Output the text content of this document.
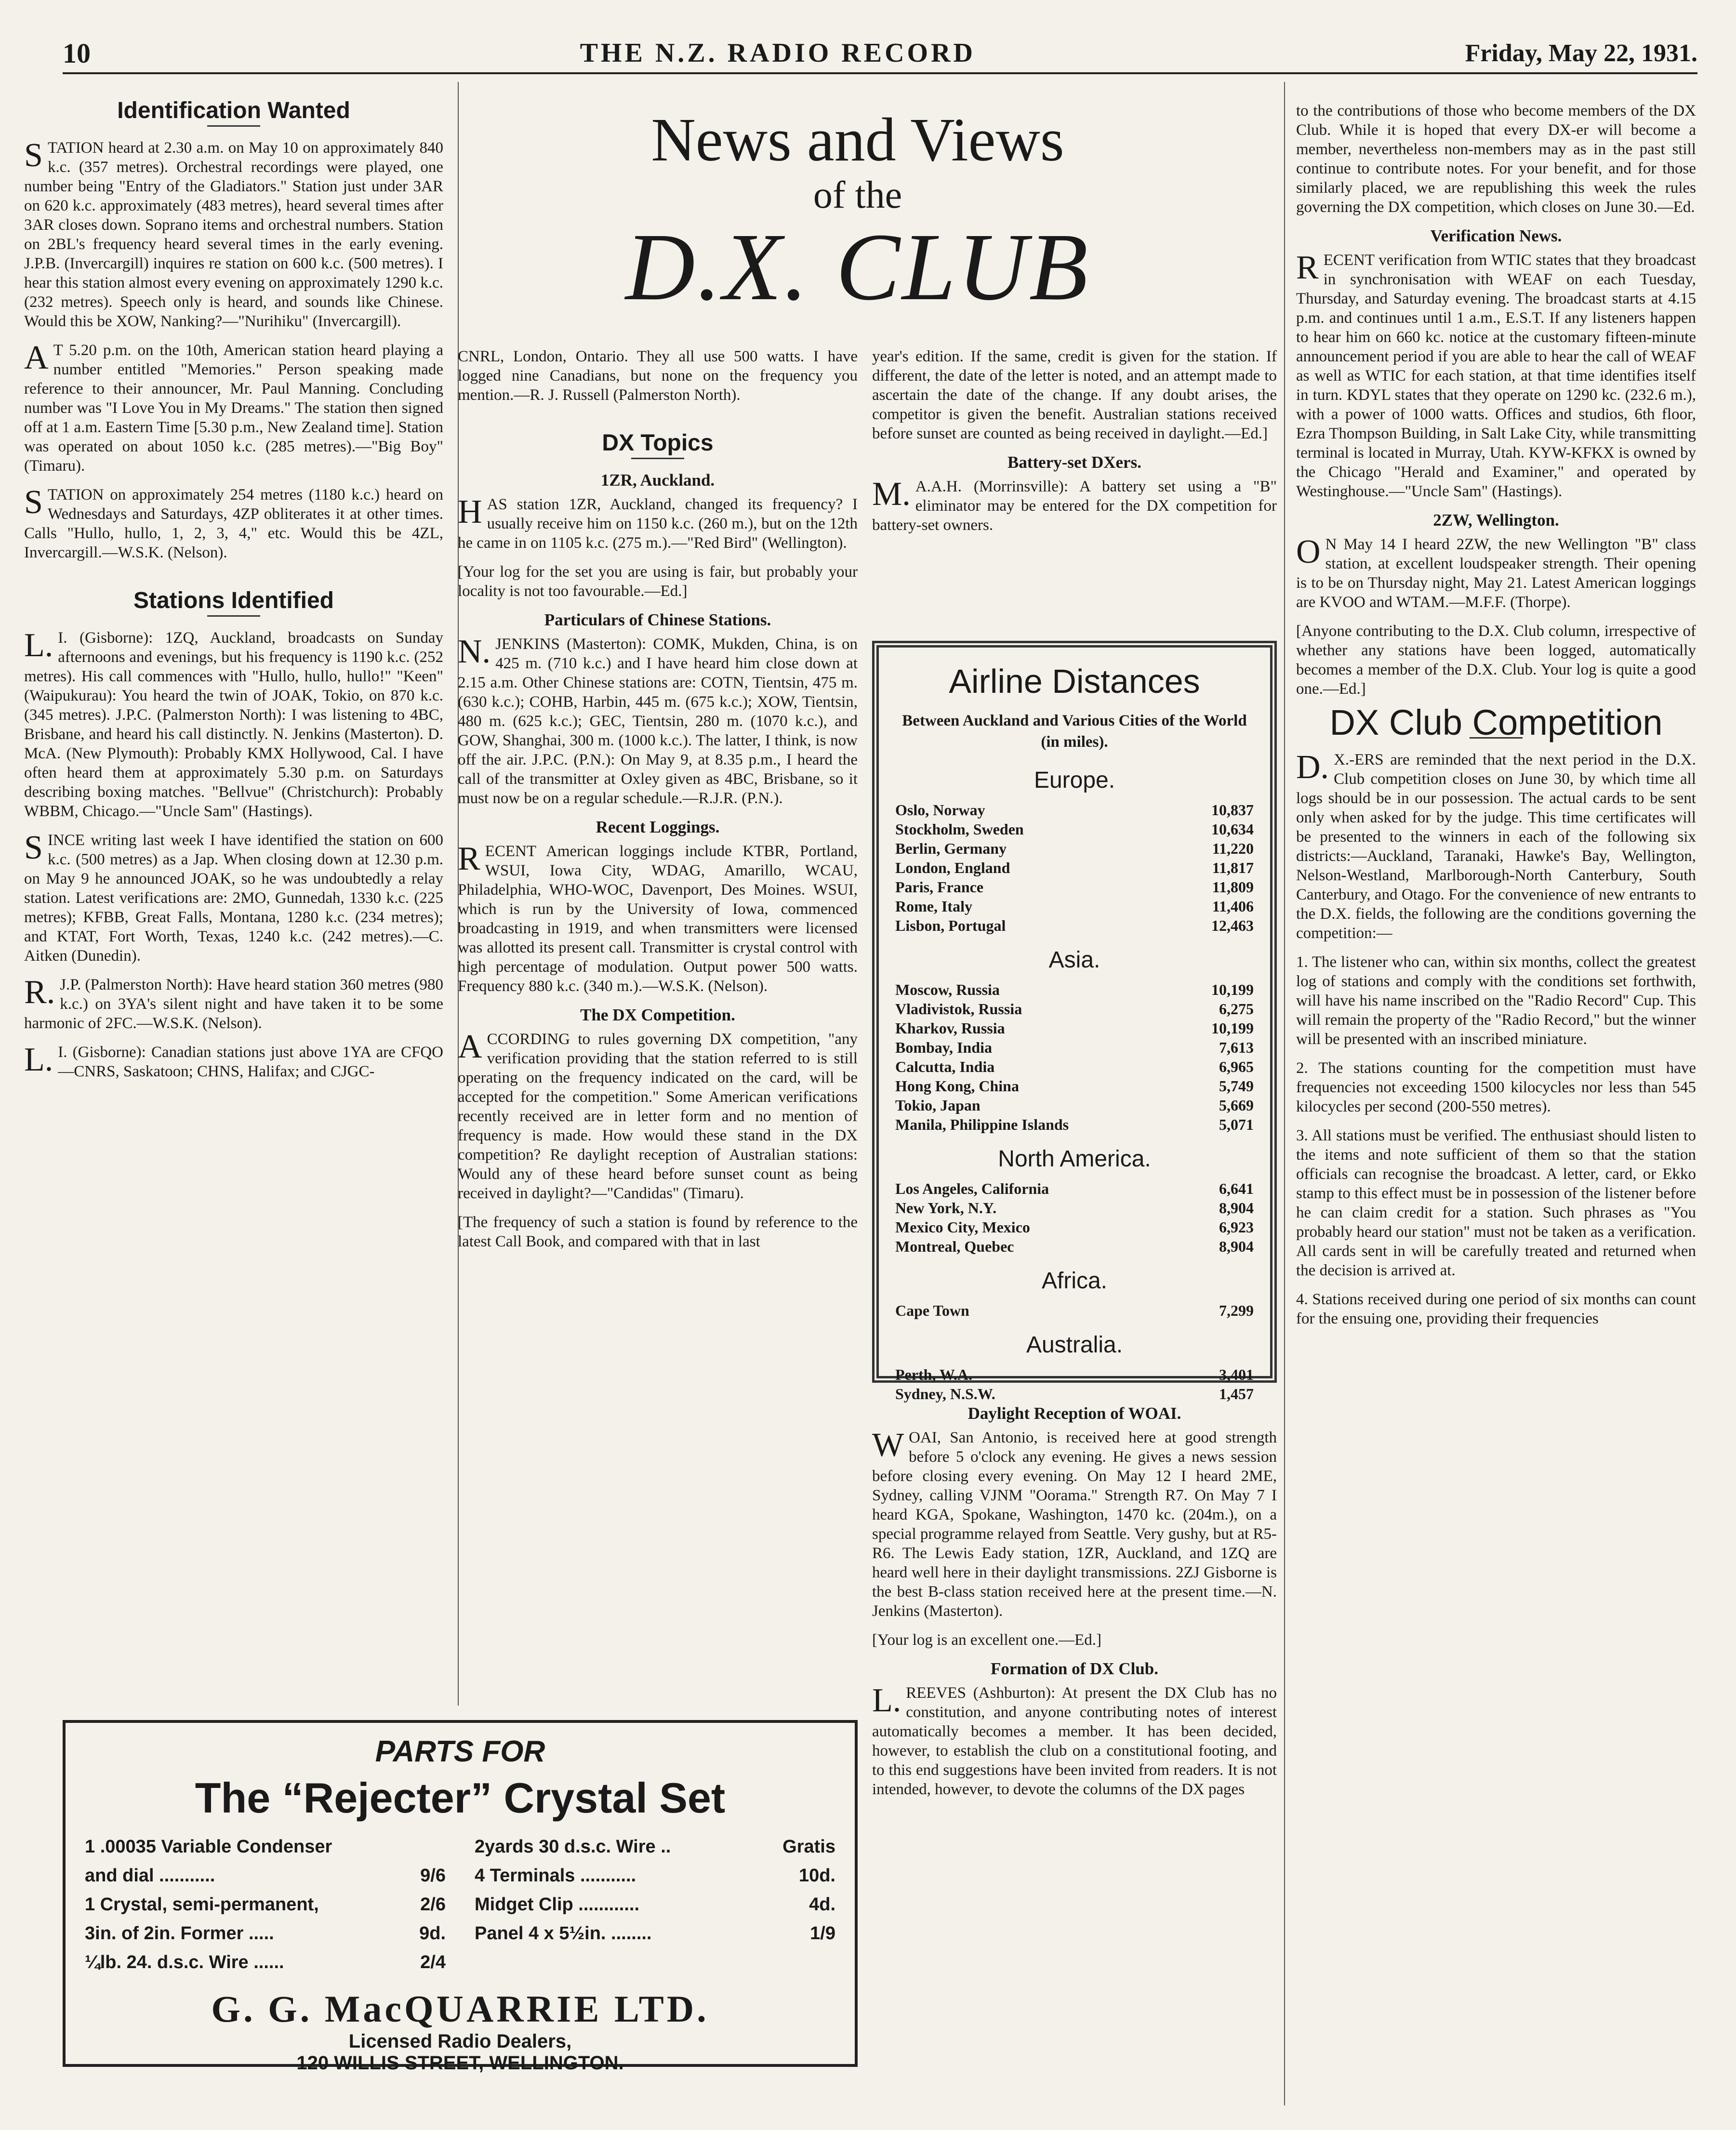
10	THE N.Z. RADIO RECORD	Friday, May 22, 1931.
Identification Wanted

STATION heard at 2.30 a.m. on May 10 on approximately 840 k.c. (357 metres). Orchestral recordings were played, one number being "Entry of the Gladiators." Station just under 3AR on 620 k.c. approximately (483 metres), heard several times after 3AR closes down. Soprano items and orchestral numbers. Station on 2BL's frequency heard several times in the early evening. J.P.B. (Invercargill) inquires re station on 600 k.c. (500 metres). I hear this station almost every evening on approximately 1290 k.c. (232 metres). Speech only is heard, and sounds like Chinese. Would this be XOW, Nanking?—"Nurihiku" (Invercargill).

AT 5.20 p.m. on the 10th, American station heard playing a number entitled "Memories." Person speaking made reference to their announcer, Mr. Paul Manning. Concluding number was "I Love You in My Dreams." The station then signed off at 1 a.m. Eastern Time [5.30 p.m., New Zealand time]. Station was operated on about 1050 k.c. (285 metres).—"Big Boy" (Timaru).

STATION on approximately 254 metres (1180 k.c.) heard on Wednesdays and Saturdays, 4ZP obliterates it at other times. Calls "Hullo, hullo, 1, 2, 3, 4," etc. Would this be 4ZL, Invercargill.—W.S.K. (Nelson).

Stations Identified

L.I. (Gisborne): 1ZQ, Auckland, broadcasts on Sunday afternoons and evenings, but his frequency is 1190 k.c. (252 metres). His call commences with "Hullo, hullo, hullo!" "Keen" (Waipukurau): You heard the twin of JOAK, Tokio, on 870 k.c. (345 metres). J.P.C. (Palmerston North): I was listening to 4BC, Brisbane, and heard his call distinctly. N. Jenkins (Masterton). D. McA. (New Plymouth): Probably KMX Hollywood, Cal. I have often heard them at approximately 5.30 p.m. on Saturdays describing boxing matches. "Bellvue" (Christchurch): Probably WBBM, Chicago.—"Uncle Sam" (Hastings).

SINCE writing last week I have identified the station on 600 k.c. (500 metres) as a Jap. When closing down at 12.30 p.m. on May 9 he announced JOAK, so he was undoubtedly a relay station. Latest verifications are: 2MO, Gunnedah, 1330 k.c. (225 metres); KFBB, Great Falls, Montana, 1280 k.c. (234 metres); and KTAT, Fort Worth, Texas, 1240 k.c. (242 metres).—C. Aitken (Dunedin).

R.J.P. (Palmerston North): Have heard station 360 metres (980 k.c.) on 3YA's silent night and have taken it to be some harmonic of 2FC.—W.S.K. (Nelson).

L.I. (Gisborne): Canadian stations just above 1YA are CFQO—CNRS, Saskatoon; CHNS, Halifax; and CJGC-

News and Views
of the
D.X. CLUB

CNRL, London, Ontario. They all use 500 watts. I have logged nine Canadians, but none on the frequency you mention.—R. J. Russell (Palmerston North).

DX Topics
1ZR, Auckland.

HAS station 1ZR, Auckland, changed its frequency? I usually receive him on 1150 k.c. (260 m.), but on the 12th he came in on 1105 k.c. (275 m.).—"Red Bird" (Wellington).

[Your log for the set you are using is fair, but probably your locality is not too favourable.—Ed.]

Particulars of Chinese Stations.

N.JENKINS (Masterton): COMK, Mukden, China, is on 425 m. (710 k.c.) and I have heard him close down at 2.15 a.m. Other Chinese stations are: COTN, Tientsin, 475 m. (630 k.c.); COHB, Harbin, 445 m. (675 k.c.); XOW, Tientsin, 480 m. (625 k.c.); GEC, Tientsin, 280 m. (1070 k.c.), and GOW, Shanghai, 300 m. (1000 k.c.). The latter, I think, is now off the air. J.P.C. (P.N.): On May 9, at 8.35 p.m., I heard the call of the transmitter at Oxley given as 4BC, Brisbane, so it must now be on a regular schedule.—R.J.R. (P.N.).

Recent Loggings.

RECENT American loggings include KTBR, Portland, WSUI, Iowa City, WDAG, Amarillo, WCAU, Philadelphia, WHO-WOC, Davenport, Des Moines. WSUI, which is run by the University of Iowa, commenced broadcasting in 1919, and when transmitters were licensed was allotted its present call. Transmitter is crystal control with high percentage of modulation. Output power 500 watts. Frequency 880 k.c. (340 m.).—W.S.K. (Nelson).

The DX Competition.

ACCORDING to rules governing DX competition, "any verification providing that the station referred to is still operating on the frequency indicated on the card, will be accepted for the competition." Some American verifications recently received are in letter form and no mention of frequency is made. How would these stand in the DX competition? Re daylight reception of Australian stations: Would any of these heard before sunset count as being received in daylight?—"Candidas" (Timaru).

[The frequency of such a station is found by reference to the latest Call Book, and compared with that in last

year's edition. If the same, credit is given for the station. If different, the date of the letter is noted, and an attempt made to ascertain the date of the change. If any doubt arises, the competitor is given the benefit. Australian stations received before sunset are counted as being received in daylight.—Ed.]

Battery-set DXers.

M.A.A.H. (Morrinsville): A battery set using a "B" eliminator may be entered for the DX competition for battery-set owners.

Airline Distances
Between Auckland and Various Cities of the World (in miles).
Europe.
Oslo, Norway	10,837
Stockholm, Sweden	10,634
Berlin, Germany	11,220
London, England	11,817
Paris, France	11,809
Rome, Italy	11,406
Lisbon, Portugal	12,463
Asia.
Moscow, Russia	10,199
Vladivistok, Russia	6,275
Kharkov, Russia	10,199
Bombay, India	7,613
Calcutta, India	6,965
Hong Kong, China	5,749
Tokio, Japan	5,669
Manila, Philippine Islands	5,071
North America.
Los Angeles, California	6,641
New York, N.Y.	8,904
Mexico City, Mexico	6,923
Montreal, Quebec	8,904
Africa.
Cape Town	7,299
Australia.
Perth, W.A.	3,401
Sydney, N.S.W.	1,457
Daylight Reception of WOAI.

WOAI, San Antonio, is received here at good strength before 5 o'clock any evening. He gives a news session before closing every evening. On May 12 I heard 2ME, Sydney, calling VJNM "Oorama." Strength R7. On May 7 I heard KGA, Spokane, Washington, 1470 kc. (204m.), on a special programme relayed from Seattle. Very gushy, but at R5-R6. The Lewis Eady station, 1ZR, Auckland, and 1ZQ are heard well here in their daylight transmissions. 2ZJ Gisborne is the best B-class station received here at the present time.—N. Jenkins (Masterton).

[Your log is an excellent one.—Ed.]

Formation of DX Club.

L.REEVES (Ashburton): At present the DX Club has no constitution, and anyone contributing notes of interest automatically becomes a member. It has been decided, however, to establish the club on a constitutional footing, and to this end suggestions have been invited from readers. It is not intended, however, to devote the columns of the DX pages

to the contributions of those who become members of the DX Club. While it is hoped that every DX-er will become a member, nevertheless non-members may as in the past still continue to contribute notes. For your benefit, and for those similarly placed, we are republishing this week the rules governing the DX competition, which closes on June 30.—Ed.

Verification News.

RECENT verification from WTIC states that they broadcast in synchronisation with WEAF on each Tuesday, Thursday, and Saturday evening. The broadcast starts at 4.15 p.m. and continues until 1 a.m., E.S.T. If any listeners happen to hear him on 660 kc. notice at the customary fifteen-minute announcement period if you are able to hear the call of WEAF as well as WTIC for each station, at that time identifies itself in turn. KDYL states that they operate on 1290 kc. (232.6 m.), with a power of 1000 watts. Offices and studios, 6th floor, Ezra Thompson Building, in Salt Lake City, while transmitting terminal is located in Murray, Utah. KYW-KFKX is owned by the Chicago "Herald and Examiner," and operated by Westinghouse.—"Uncle Sam" (Hastings).

2ZW, Wellington.

ON May 14 I heard 2ZW, the new Wellington "B" class station, at excellent loudspeaker strength. Their opening is to be on Thursday night, May 21. Latest American loggings are KVOO and WTAM.—M.F.F. (Thorpe).

[Anyone contributing to the D.X. Club column, irrespective of whether any stations have been logged, automatically becomes a member of the D.X. Club. Your log is quite a good one.—Ed.]

DX Club Competition

D.X.-ERS are reminded that the next period in the D.X. Club competition closes on June 30, by which time all logs should be in our possession. The actual cards to be sent only when asked for by the judge. This time certificates will be presented to the winners in each of the following six districts:—Auckland, Taranaki, Hawke's Bay, Wellington, Nelson-Westland, Marlborough-North Canterbury, South Canterbury, and Otago. For the convenience of new entrants to the D.X. fields, the following are the conditions governing the competition:—

1. The listener who can, within six months, collect the greatest log of stations and comply with the conditions set forthwith, will have his name inscribed on the "Radio Record" Cup. This will remain the property of the "Radio Record," but the winner will be presented with an inscribed miniature.

2. The stations counting for the competition must have frequencies not exceeding 1500 kilocycles nor less than 545 kilocycles per second (200-550 metres).

3. All stations must be verified. The enthusiast should listen to the items and note sufficient of them so that the station officials can recognise the broadcast. A letter, card, or Ekko stamp to this effect must be in possession of the listener before he can claim credit for a station. Such phrases as "You probably heard our station" must not be taken as a verification. All cards sent in will be carefully treated and returned when the decision is arrived at.

4. Stations received during one period of six months can count for the ensuing one, providing their frequencies

PARTS FOR
The “Rejecter” Crystal Set
1 .00035 Variable Condenser
and dial ...........	9/6
1 Crystal, semi-permanent,	2/6
3in. of 2in. Former .....	9d.
¼lb. 24. d.s.c. Wire ......	2/4
2yards 30 d.s.c. Wire ..	Gratis
4 Terminals ...........	10d.
Midget Clip ............	4d.
Panel 4 x 5½in. ........	1/9
G. G. MacQUARRIE LTD.
Licensed Radio Dealers,
120 WILLIS STREET, WELLINGTON.
